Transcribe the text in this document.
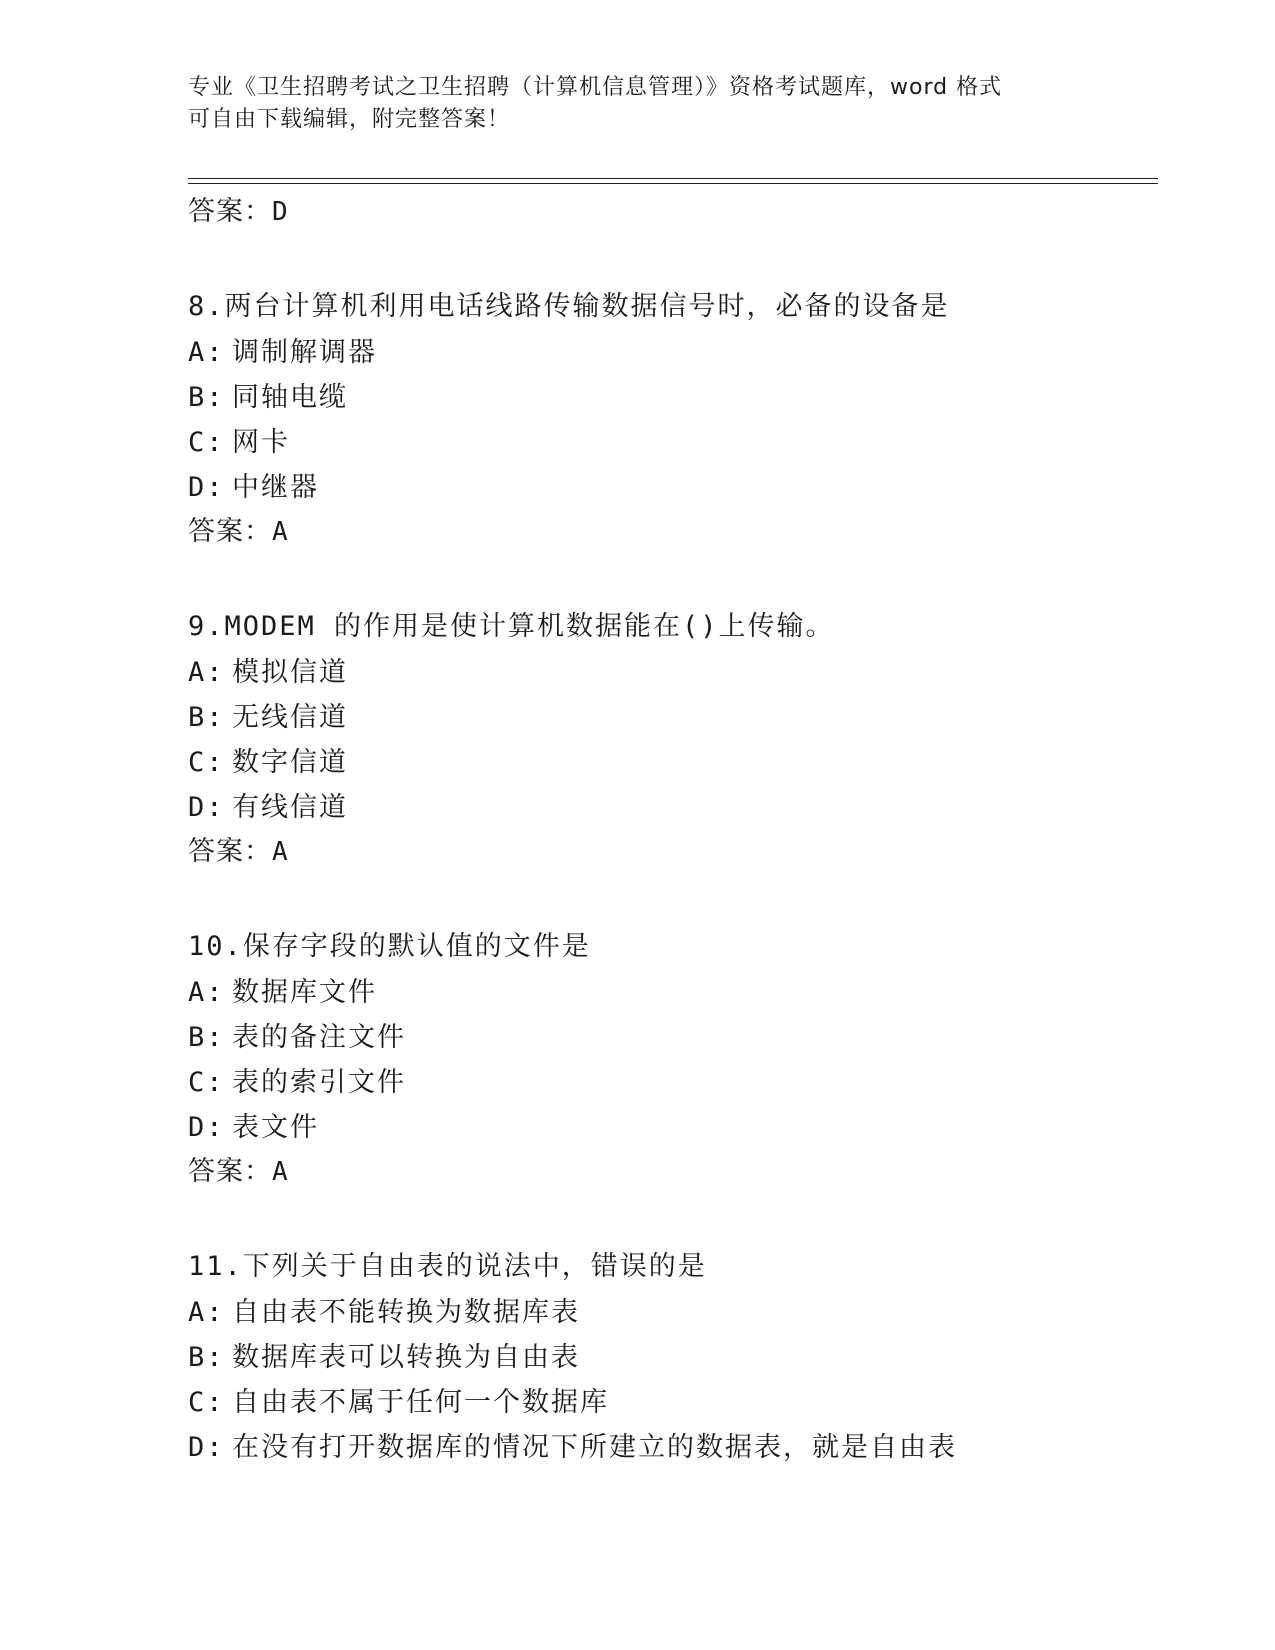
专业《卫生招聘考试之卫生招聘（计算机信息管理）》资格考试题库，word 格式
可自由下载编辑，附完整答案！
答案：D
8.两台计算机利用电话线路传输数据信号时，必备的设备是
A: 调制解调器
B: 同轴电缆
C: 网卡
D: 中继器
答案：A
9.MODEM 的作用是使计算机数据能在()上传输。
A: 模拟信道
B: 无线信道
C: 数字信道
D: 有线信道
答案：A
10.保存字段的默认值的文件是
A: 数据库文件
B: 表的备注文件
C: 表的索引文件
D: 表文件
答案：A
11.下列关于自由表的说法中，错误的是
A: 自由表不能转换为数据库表
B: 数据库表可以转换为自由表
C: 自由表不属于任何一个数据库
D: 在没有打开数据库的情况下所建立的数据表，就是自由表
